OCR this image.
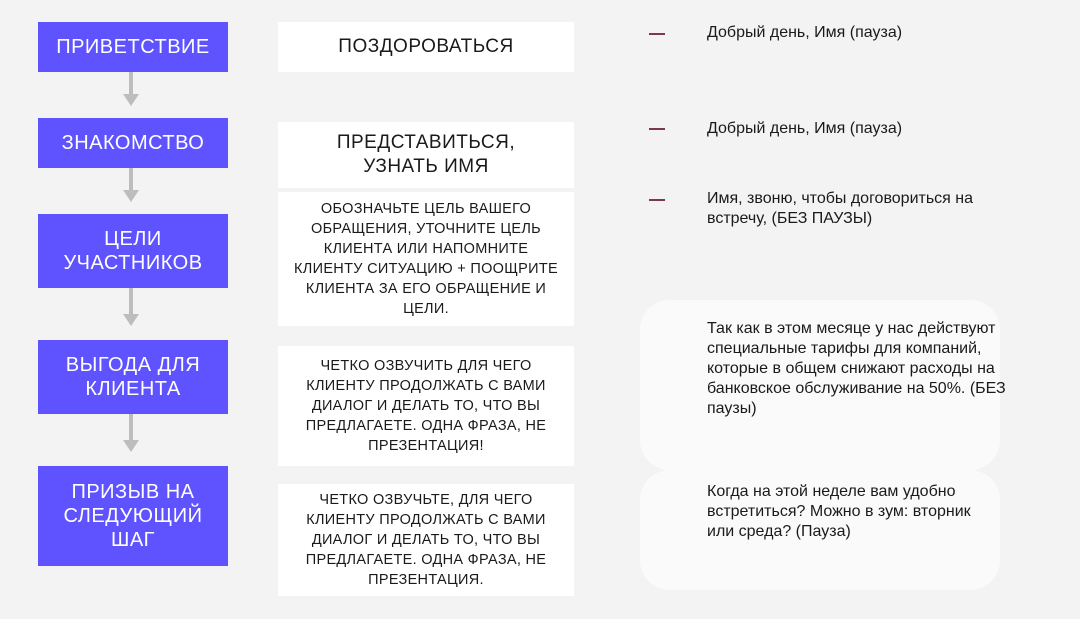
ПРИВЕТСТВИЕ
ЗНАКОМСТВО
ЦЕЛИ УЧАСТНИКОВ
ВЫГОДА ДЛЯ КЛИЕНТА
ПРИЗЫВ НА СЛЕДУЮЩИЙ ШАГ
ПОЗДОРОВАТЬСЯ
ПРЕДСТАВИТЬСЯ, УЗНАТЬ ИМЯ
ОБОЗНАЧЬТЕ ЦЕЛЬ ВАШЕГО ОБРАЩЕНИЯ, УТОЧНИТЕ ЦЕЛЬ КЛИЕНТА ИЛИ НАПОМНИТЕ КЛИЕНТУ СИТУАЦИЮ + ПООЩРИТЕ КЛИЕНТА ЗА ЕГО ОБРАЩЕНИЕ И ЦЕЛИ.
ЧЕТКО ОЗВУЧИТЬ ДЛЯ ЧЕГО КЛИЕНТУ ПРОДОЛЖАТЬ С ВАМИ ДИАЛОГ И ДЕЛАТЬ ТО, ЧТО ВЫ ПРЕДЛАГАЕТЕ. ОДНА ФРАЗА, НЕ ПРЕЗЕНТАЦИЯ!
ЧЕТКО ОЗВУЧЬТЕ, ДЛЯ ЧЕГО КЛИЕНТУ ПРОДОЛЖАТЬ С ВАМИ ДИАЛОГ И ДЕЛАТЬ ТО, ЧТО ВЫ ПРЕДЛАГАЕТЕ. ОДНА ФРАЗА, НЕ ПРЕЗЕНТАЦИЯ.
Добрый день, Имя (пауза)
Добрый день, Имя (пауза)
Имя, звоню, чтобы договориться на встречу, (БЕЗ ПАУЗЫ)
Так как в этом месяце у нас действуют специальные тарифы для компаний, которые в общем снижают расходы на банковское обслуживание на 50%. (БЕЗ паузы)
Когда на этой неделе вам удобно встретиться? Можно в зум: вторник или среда? (Пауза)
